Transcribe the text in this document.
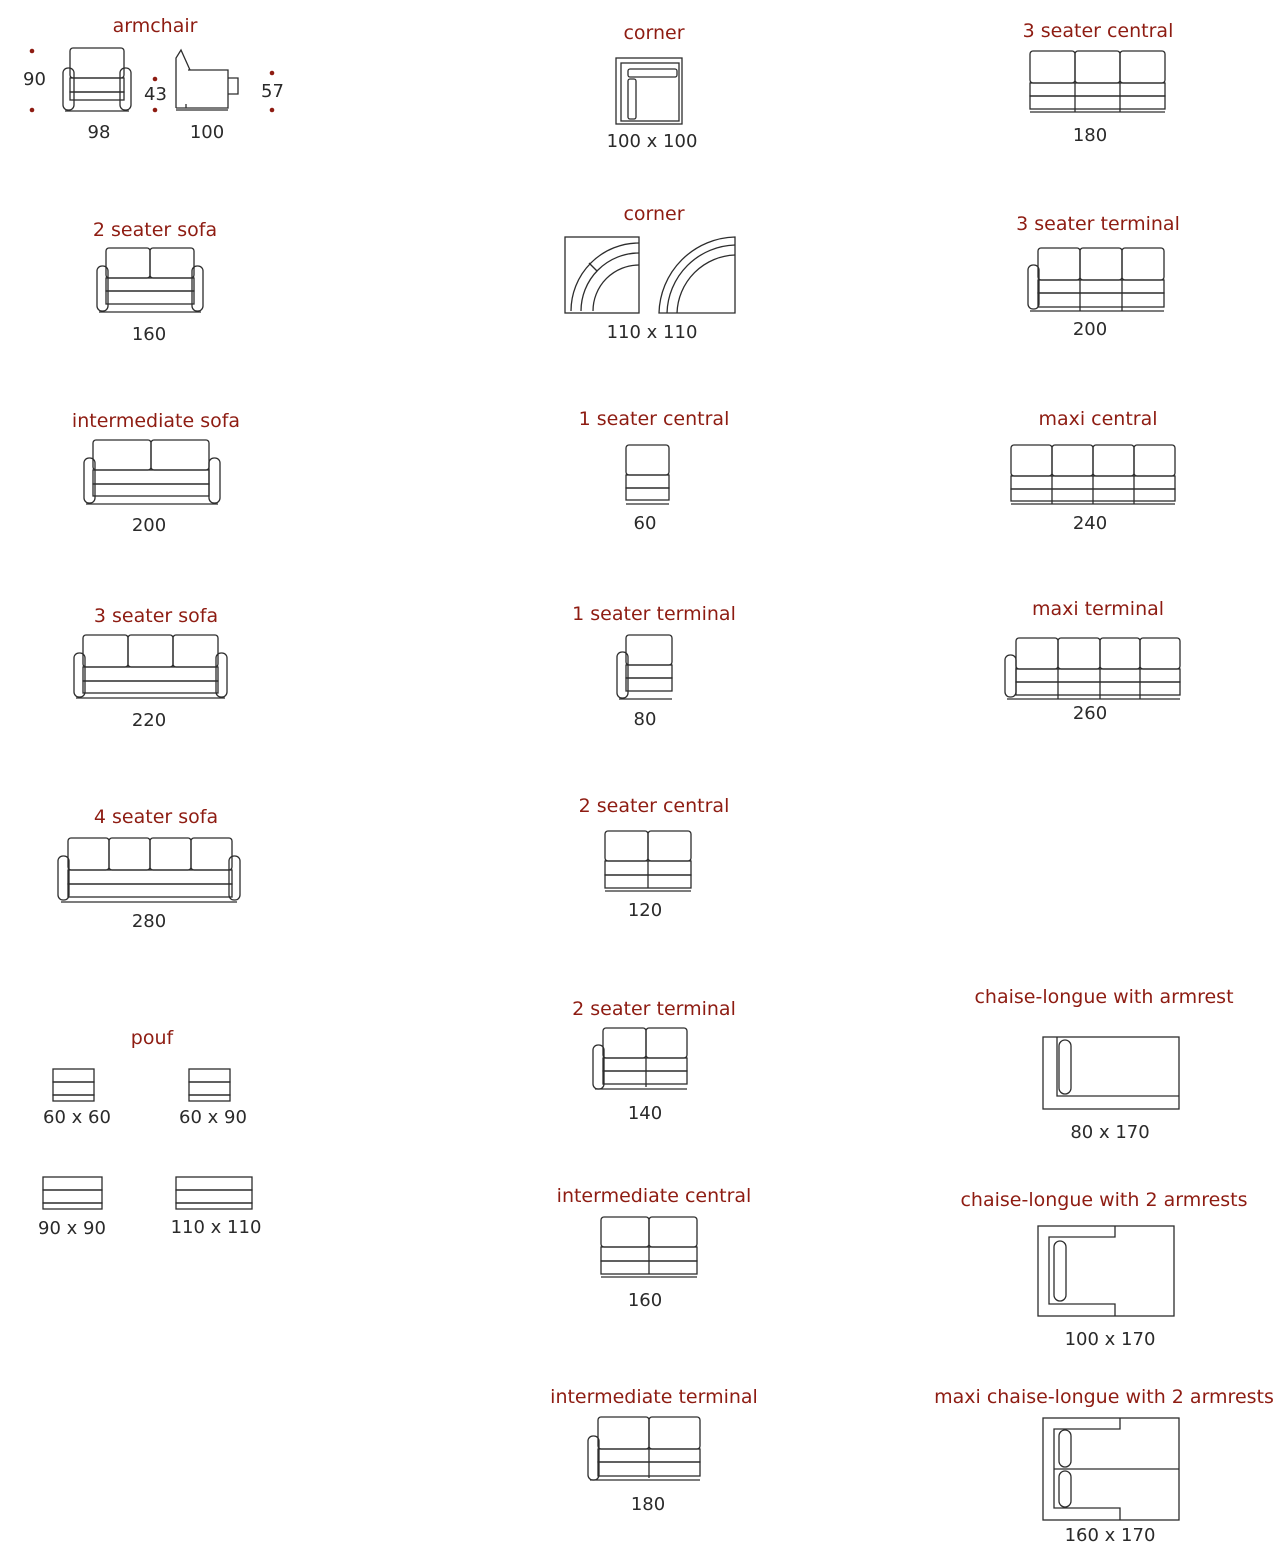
armchair
90
43	57
98	100
2 seater sofa
160
intermediate sofa
200
3 seater sofa
220
4 seater sofa
280
pouf
60 x 60	60 x 90
90 x 90	110 x 110
corner
100 x 100
corner
110 x 110
1 seater central
60
1 seater terminal
80
2 seater central
120
2 seater terminal
140
intermediate central
160
intermediate terminal
180
3 seater central
180
3 seater terminal
200
maxi central
240
maxi terminal
260
chaise-longue with armrest
80 x 170
chaise-longue with 2 armrests
100 x 170
maxi chaise-longue with 2 armrests
160 x 170
